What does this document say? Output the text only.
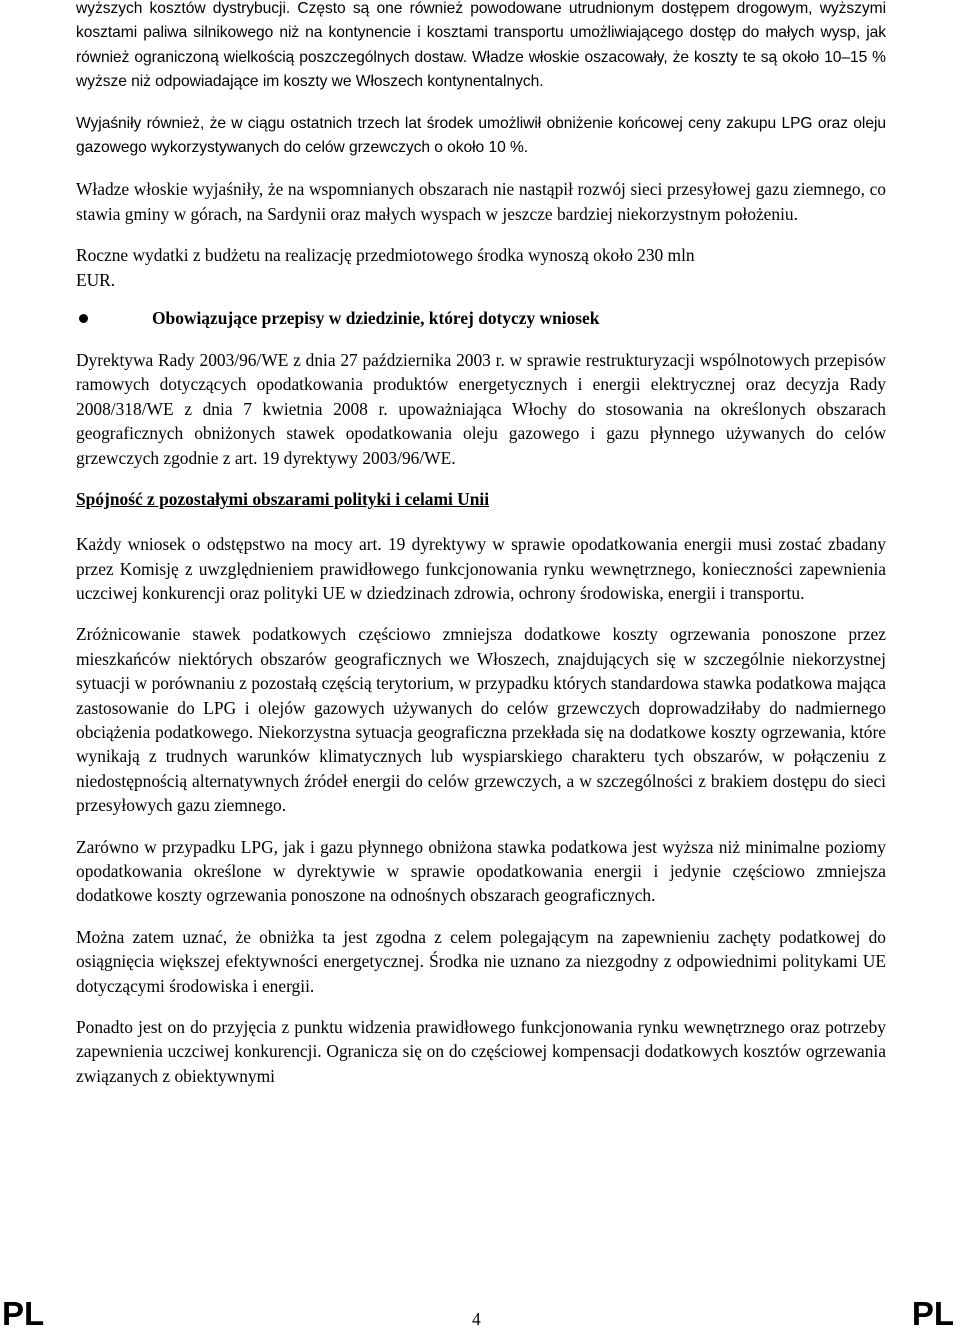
wyższych kosztów dystrybucji. Często są one również powodowane utrudnionym dostępem drogowym, wyższymi kosztami paliwa silnikowego niż na kontynencie i kosztami transportu umożliwiającego dostęp do małych wysp, jak również ograniczoną wielkością poszczególnych dostaw. Władze włoskie oszacowały, że koszty te są około 10–15 % wyższe niż odpowiadające im koszty we Włoszech kontynentalnych.

Wyjaśniły również, że w ciągu ostatnich trzech lat środek umożliwił obniżenie końcowej ceny zakupu LPG oraz oleju gazowego wykorzystywanych do celów grzewczych o około 10 %.

Władze włoskie wyjaśniły, że na wspomnianych obszarach nie nastąpił rozwój sieci przesyłowej gazu ziemnego, co stawia gminy w górach, na Sardynii oraz małych wyspach w jeszcze bardziej niekorzystnym położeniu.

Roczne wydatki z budżetu na realizację przedmiotowego środka wynoszą około 230 mln

EUR.

Obowiązujące przepisy w dziedzinie, której dotyczy wniosek

Dyrektywa Rady 2003/96/WE z dnia 27 października 2003 r. w sprawie restrukturyzacji wspólnotowych przepisów ramowych dotyczących opodatkowania produktów energetycznych i energii elektrycznej oraz decyzja Rady 2008/318/WE z dnia 7 kwietnia 2008 r. upoważniająca Włochy do stosowania na określonych obszarach geograficznych obniżonych stawek opodatkowania oleju gazowego i gazu płynnego używanych do celów grzewczych zgodnie z art. 19 dyrektywy 2003/96/WE.

Spójność z pozostałymi obszarami polityki i celami Unii

Każdy wniosek o odstępstwo na mocy art. 19 dyrektywy w sprawie opodatkowania energii musi zostać zbadany przez Komisję z uwzględnieniem prawidłowego funkcjonowania rynku wewnętrznego, konieczności zapewnienia uczciwej konkurencji oraz polityki UE w dziedzinach zdrowia, ochrony środowiska, energii i transportu.

Zróżnicowanie stawek podatkowych częściowo zmniejsza dodatkowe koszty ogrzewania ponoszone przez mieszkańców niektórych obszarów geograficznych we Włoszech, znajdujących się w szczególnie niekorzystnej sytuacji w porównaniu z pozostałą częścią terytorium, w przypadku których standardowa stawka podatkowa mająca zastosowanie do LPG i olejów gazowych używanych do celów grzewczych doprowadziłaby do nadmiernego obciążenia podatkowego. Niekorzystna sytuacja geograficzna przekłada się na dodatkowe koszty ogrzewania, które wynikają z trudnych warunków klimatycznych lub wyspiarskiego charakteru tych obszarów, w połączeniu z niedostępnością alternatywnych źródeł energii do celów grzewczych, a w szczególności z brakiem dostępu do sieci przesyłowych gazu ziemnego.

Zarówno w przypadku LPG, jak i gazu płynnego obniżona stawka podatkowa jest wyższa niż minimalne poziomy opodatkowania określone w dyrektywie w sprawie opodatkowania energii i jedynie częściowo zmniejsza dodatkowe koszty ogrzewania ponoszone na odnośnych obszarach geograficznych.

Można zatem uznać, że obniżka ta jest zgodna z celem polegającym na zapewnieniu zachęty podatkowej do osiągnięcia większej efektywności energetycznej. Środka nie uznano za niezgodny z odpowiednimi politykami UE dotyczącymi środowiska i energii.

Ponadto jest on do przyjęcia z punktu widzenia prawidłowego funkcjonowania rynku wewnętrznego oraz potrzeby zapewnienia uczciwej konkurencji. Ogranicza się on do częściowej kompensacji dodatkowych kosztów ogrzewania związanych z obiektywnymi

PL	4	PL
